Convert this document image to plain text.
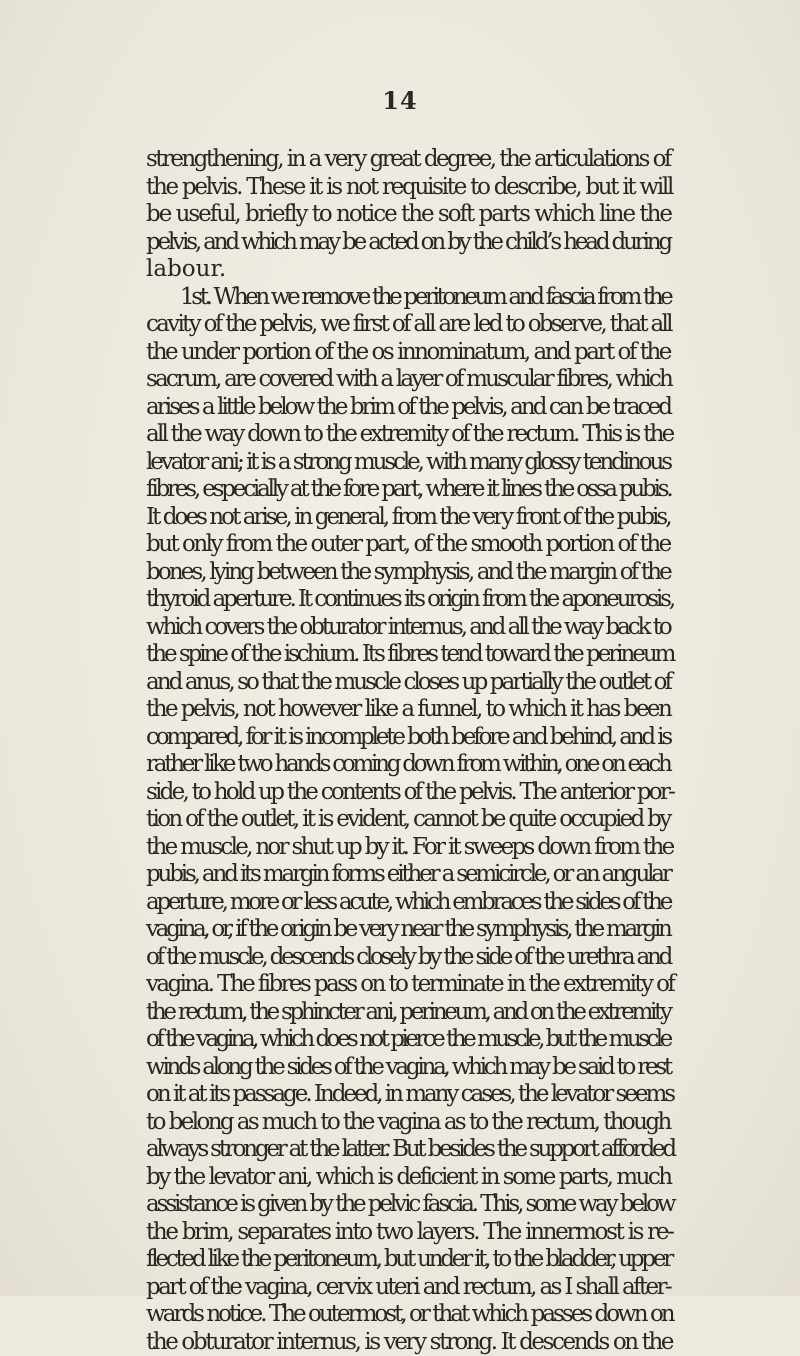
14
strengthening, in a very great degree, the articulations of
the pelvis. These it is not requisite to describe, but it will
be useful, briefly to notice the soft parts which line the
pelvis, and which may be acted on by the child’s head during
labour.
1st. When we remove the peritoneum and fascia from the
cavity of the pelvis, we first of all are led to observe, that all
the under portion of the os innominatum, and part of the
sacrum, are covered with a layer of muscular fibres, which
arises a little below the brim of the pelvis, and can be traced
all the way down to the extremity of the rectum. This is the
levator ani; it is a strong muscle, with many glossy tendinous
fibres, especially at the fore part, where it lines the ossa pubis.
It does not arise, in general, from the very front of the pubis,
but only from the outer part, of the smooth portion of the
bones, lying between the symphysis, and the margin of the
thyroid aperture. It continues its origin from the aponeurosis,
which covers the obturator internus, and all the way back to
the spine of the ischium. Its fibres tend toward the perineum
and anus, so that the muscle closes up partially the outlet of
the pelvis, not however like a funnel, to which it has been
compared, for it is incomplete both before and behind, and is
rather like two hands coming down from within, one on each
side, to hold up the contents of the pelvis. The anterior por-
tion of the outlet, it is evident, cannot be quite occupied by
the muscle, nor shut up by it. For it sweeps down from the
pubis, and its margin forms either a semicircle, or an angular
aperture, more or less acute, which embraces the sides of the
vagina, or, if the origin be very near the symphysis, the margin
of the muscle, descends closely by the side of the urethra and
vagina. The fibres pass on to terminate in the extremity of
the rectum, the sphincter ani, perineum, and on the extremity
of the vagina, which does not pierce the muscle, but the muscle
winds along the sides of the vagina, which may be said to rest
on it at its passage. Indeed, in many cases, the levator seems
to belong as much to the vagina as to the rectum, though
always stronger at the latter. But besides the support afforded
by the levator ani, which is deficient in some parts, much
assistance is given by the pelvic fascia. This, some way below
the brim, separates into two layers. The innermost is re-
flected like the peritoneum, but under it, to the bladder, upper
part of the vagina, cervix uteri and rectum, as I shall after-
wards notice. The outermost, or that which passes down on
the obturator internus, is very strong. It descends on the
